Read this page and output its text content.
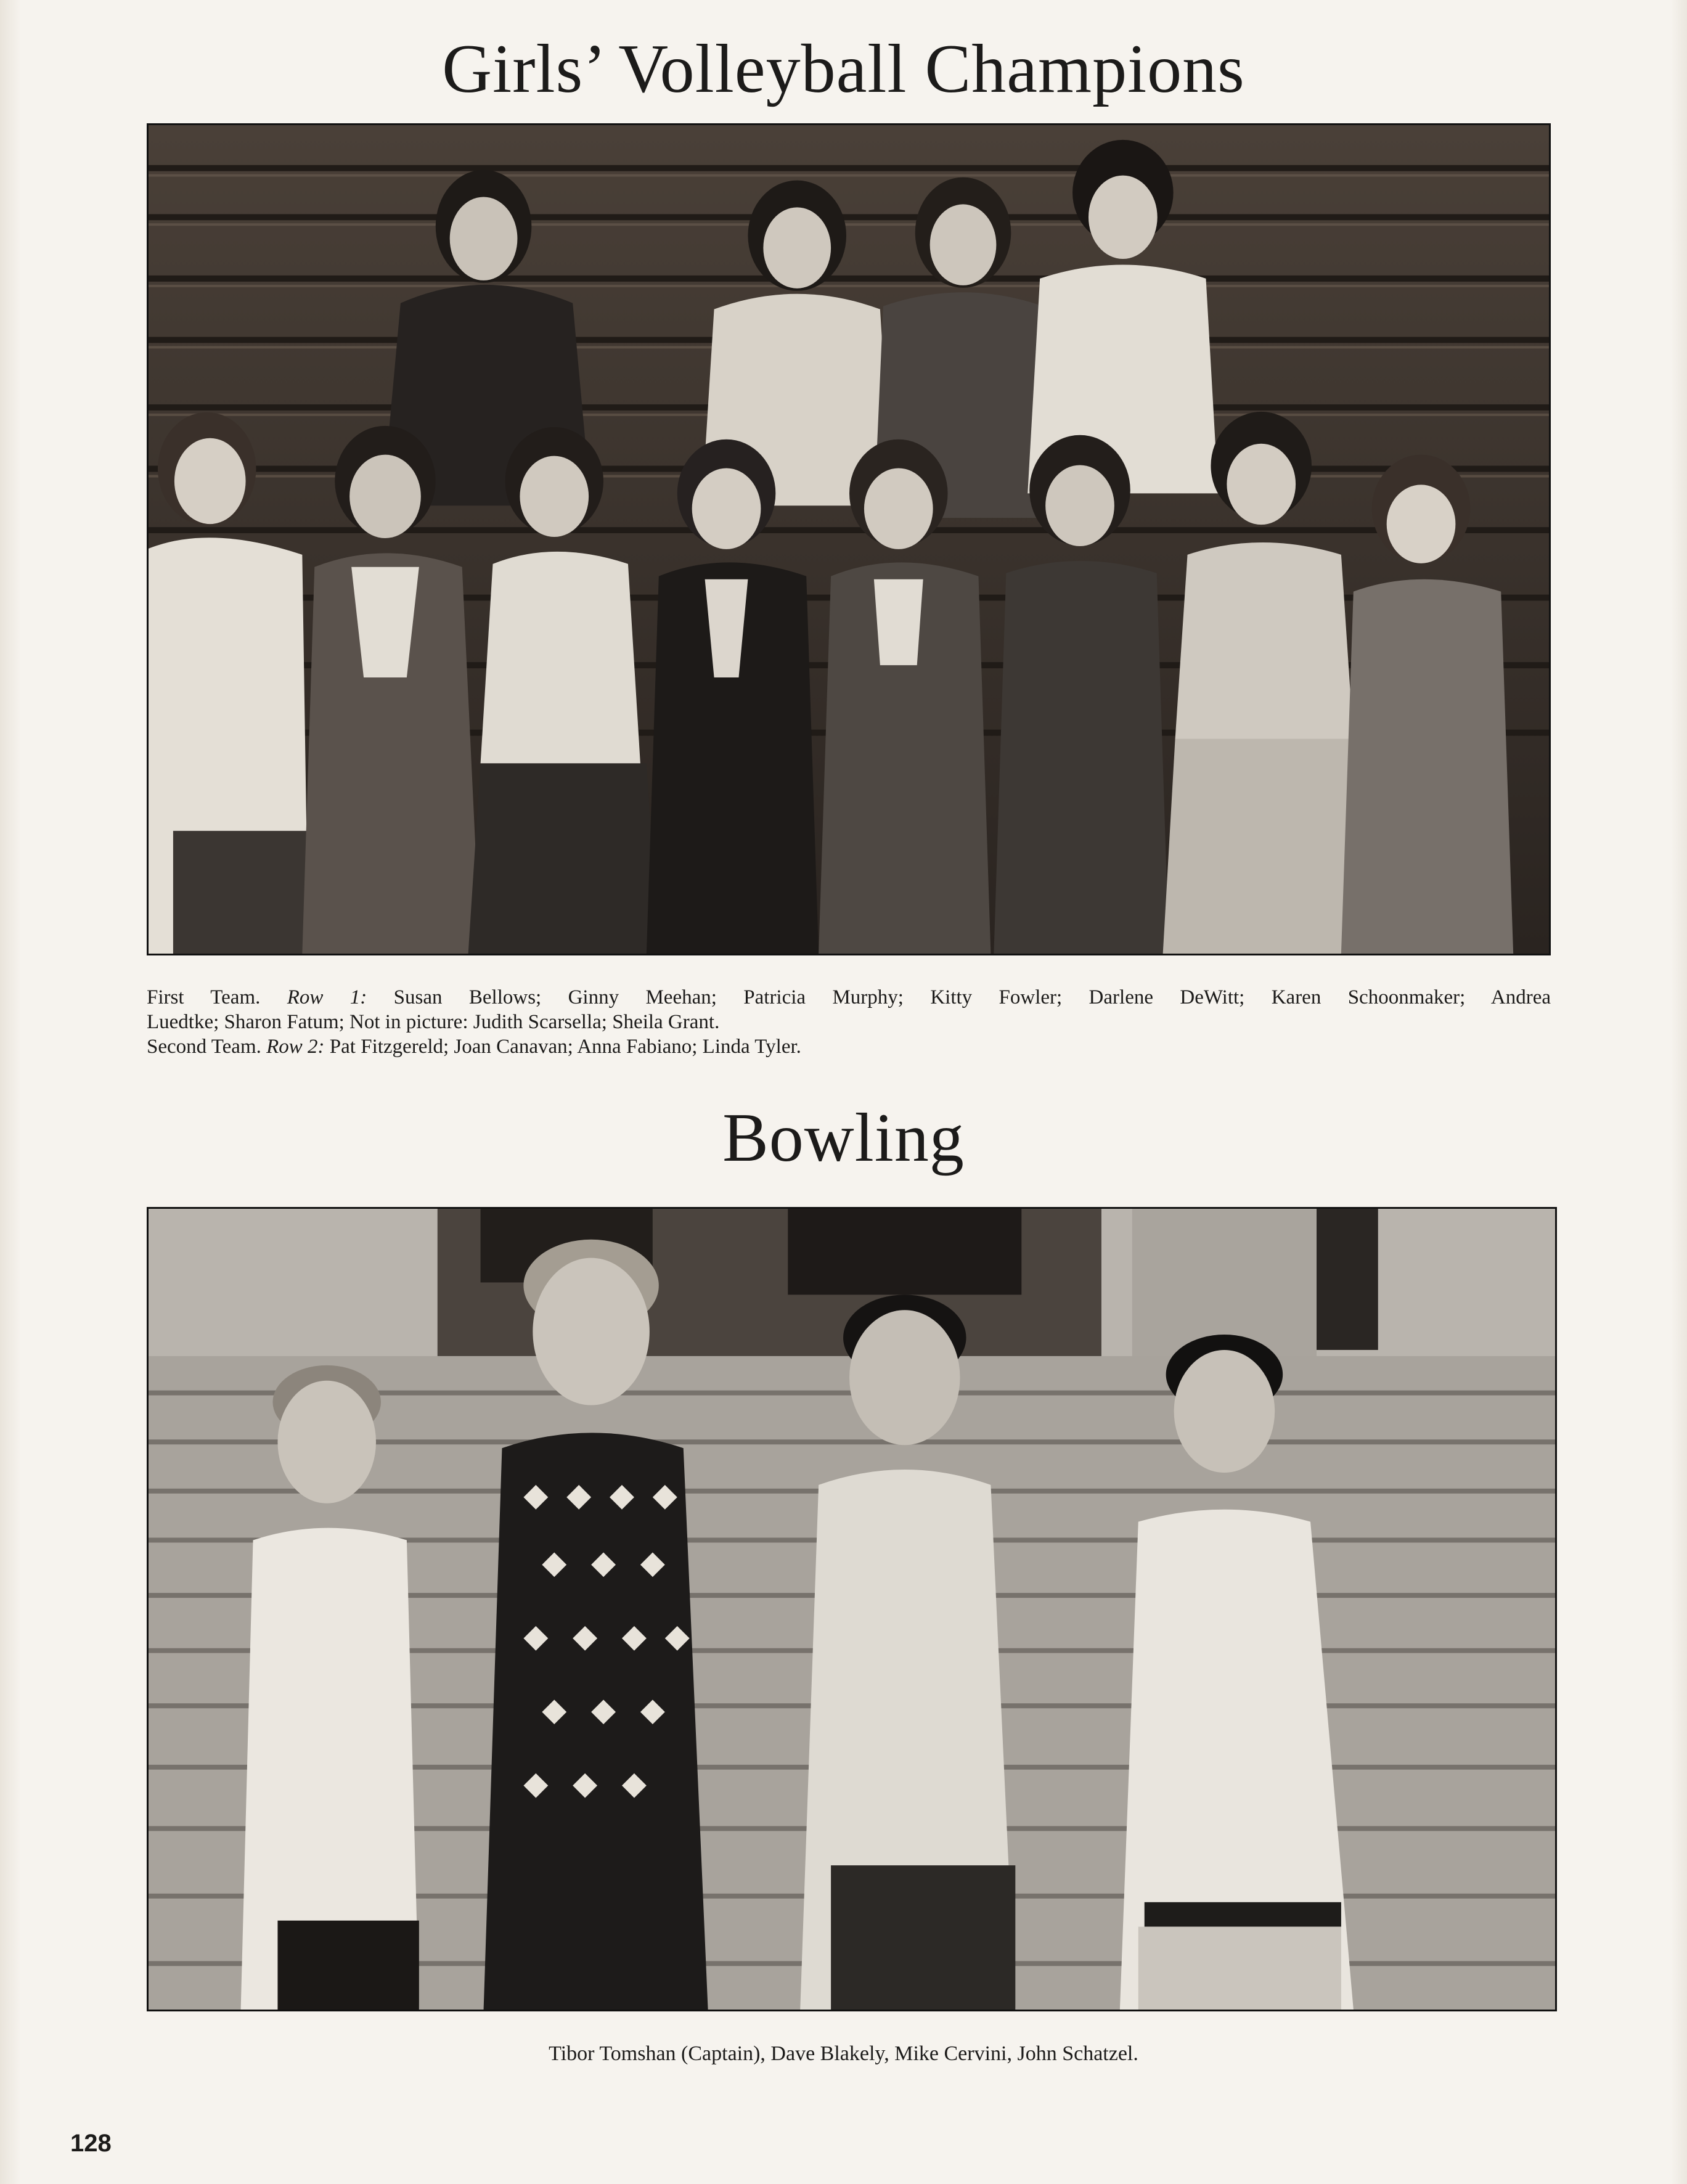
Girls’ Volleyball Champions
First Team. Row 1: Susan Bellows; Ginny Meehan; Patricia Murphy; Kitty Fowler; Darlene DeWitt; Karen Schoonmaker; Andrea
Luedtke; Sharon Fatum; Not in picture: Judith Scarsella; Sheila Grant.
Second Team. Row 2: Pat Fitzgereld; Joan Canavan; Anna Fabiano; Linda Tyler.
Bowling

Tibor Tomshan (Captain), Dave Blakely, Mike Cervini, John Schatzel.

128
